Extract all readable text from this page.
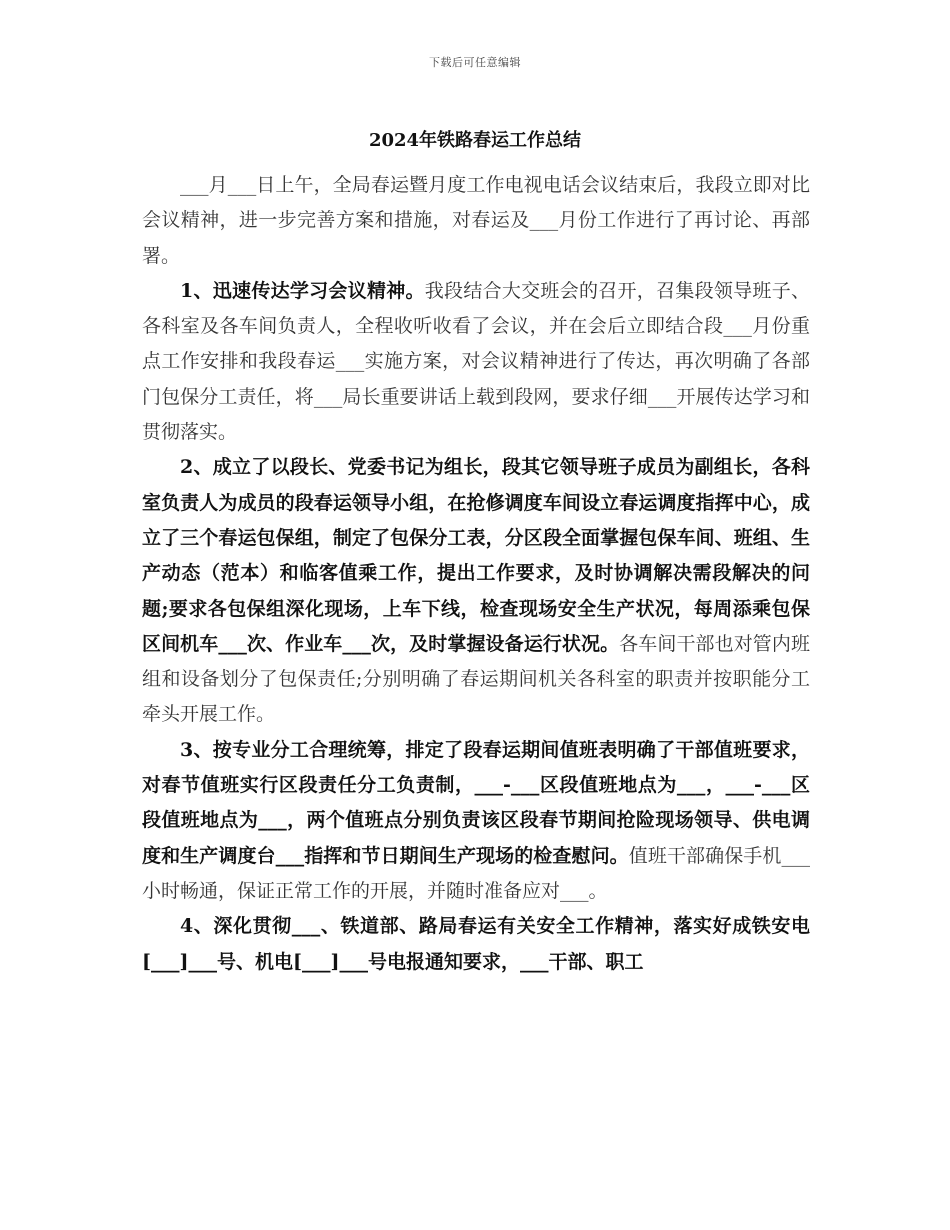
下载后可任意编辑
2024年铁路春运工作总结

___月___日上午，全局春运暨月度工作电视电话会议结束后，我段立即对比会议精神，进一步完善方案和措施，对春运及___月份工作进行了再讨论、再部署。

1、迅速传达学习会议精神。我段结合大交班会的召开，召集段领导班子、各科室及各车间负责人，全程收听收看了会议，并在会后立即结合段___月份重点工作安排和我段春运___实施方案，对会议精神进行了传达，再次明确了各部门包保分工责任，将___局长重要讲话上载到段网，要求仔细___开展传达学习和贯彻落实。

2、成立了以段长、党委书记为组长，段其它领导班子成员为副组长，各科室负责人为成员的段春运领导小组，在抢修调度车间设立春运调度指挥中心，成立了三个春运包保组，制定了包保分工表，分区段全面掌握包保车间、班组、生产动态（范本）和临客值乘工作，提出工作要求，及时协调解决需段解决的问题;要求各包保组深化现场，上车下线，检查现场安全生产状况，每周添乘包保区间机车___次、作业车___次，及时掌握设备运行状况。各车间干部也对管内班组和设备划分了包保责任;分别明确了春运期间机关各科室的职责并按职能分工牵头开展工作。

3、按专业分工合理统筹，排定了段春运期间值班表明确了干部值班要求，对春节值班实行区段责任分工负责制，___-___区段值班地点为___，___-___区段值班地点为___，两个值班点分别负责该区段春节期间抢险现场领导、供电调度和生产调度台___指挥和节日期间生产现场的检查慰问。值班干部确保手机___小时畅通，保证正常工作的开展，并随时准备应对___。

4、深化贯彻___、铁道部、路局春运有关安全工作精神，落实好成铁安电[___]___号、机电[___]___号电报通知要求，___干部、职工
